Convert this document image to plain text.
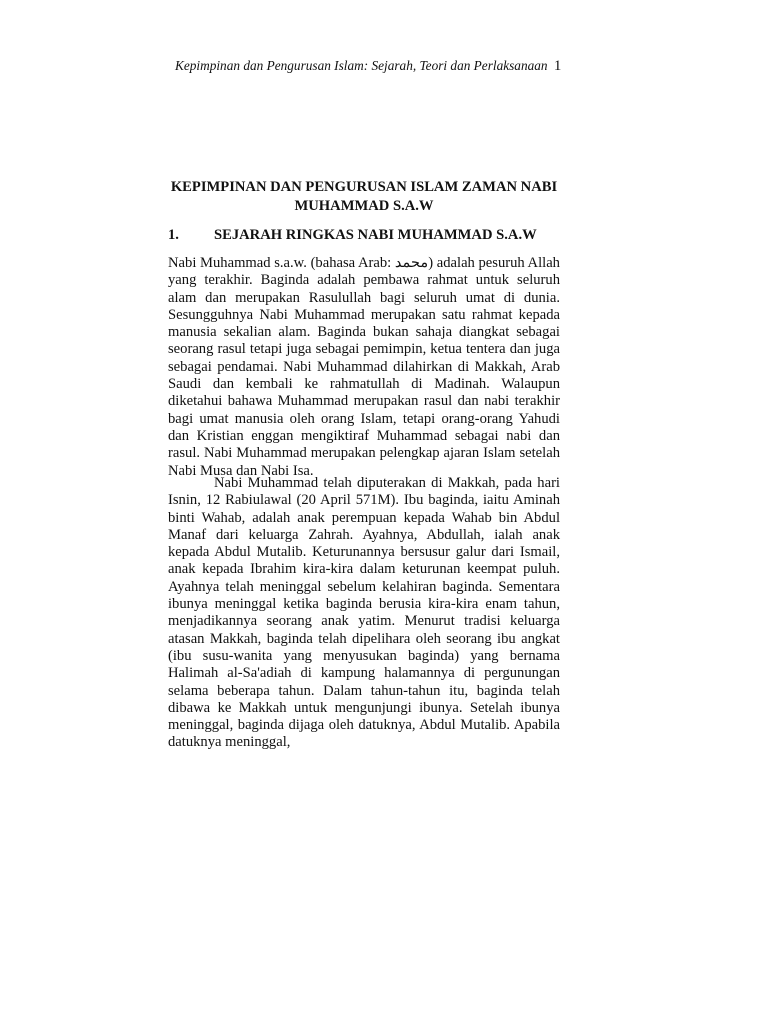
Kepimpinan dan Pengurusan Islam: Sejarah, Teori dan Perlaksanaan 1
KEPIMPINAN DAN PENGURUSAN ISLAM ZAMAN NABI MUHAMMAD S.A.W
1. SEJARAH RINGKAS NABI MUHAMMAD S.A.W

Nabi Muhammad s.a.w. (bahasa Arab: محمد) adalah pesuruh Allah yang terakhir. Baginda adalah pembawa rahmat untuk seluruh alam dan merupakan Rasulullah bagi seluruh umat di dunia. Sesungguhnya Nabi Muhammad merupakan satu rahmat kepada manusia sekalian alam. Baginda bukan sahaja diangkat sebagai seorang rasul tetapi juga sebagai pemimpin, ketua tentera dan juga sebagai pendamai. Nabi Muhammad dilahirkan di Makkah, Arab Saudi dan kembali ke rahmatullah di Madinah. Walaupun diketahui bahawa Muhammad merupakan rasul dan nabi terakhir bagi umat manusia oleh orang Islam, tetapi orang-orang Yahudi dan Kristian enggan mengiktiraf Muhammad sebagai nabi dan rasul. Nabi Muhammad merupakan pelengkap ajaran Islam setelah Nabi Musa dan Nabi Isa.

Nabi Muhammad telah diputerakan di Makkah, pada hari Isnin, 12 Rabiulawal (20 April 571M). Ibu baginda, iaitu Aminah binti Wahab, adalah anak perempuan kepada Wahab bin Abdul Manaf dari keluarga Zahrah. Ayahnya, Abdullah, ialah anak kepada Abdul Mutalib. Keturunannya bersusur galur dari Ismail, anak kepada Ibrahim kira-kira dalam keturunan keempat puluh. Ayahnya telah meninggal sebelum kelahiran baginda. Sementara ibunya meninggal ketika baginda berusia kira-kira enam tahun, menjadikannya seorang anak yatim. Menurut tradisi keluarga atasan Makkah, baginda telah dipelihara oleh seorang ibu angkat (ibu susu-wanita yang menyusukan baginda) yang bernama Halimah al-Sa'adiah di kampung halamannya di pergunungan selama beberapa tahun. Dalam tahun-tahun itu, baginda telah dibawa ke Makkah untuk mengunjungi ibunya. Setelah ibunya meninggal, baginda dijaga oleh datuknya, Abdul Mutalib. Apabila datuknya meninggal,
